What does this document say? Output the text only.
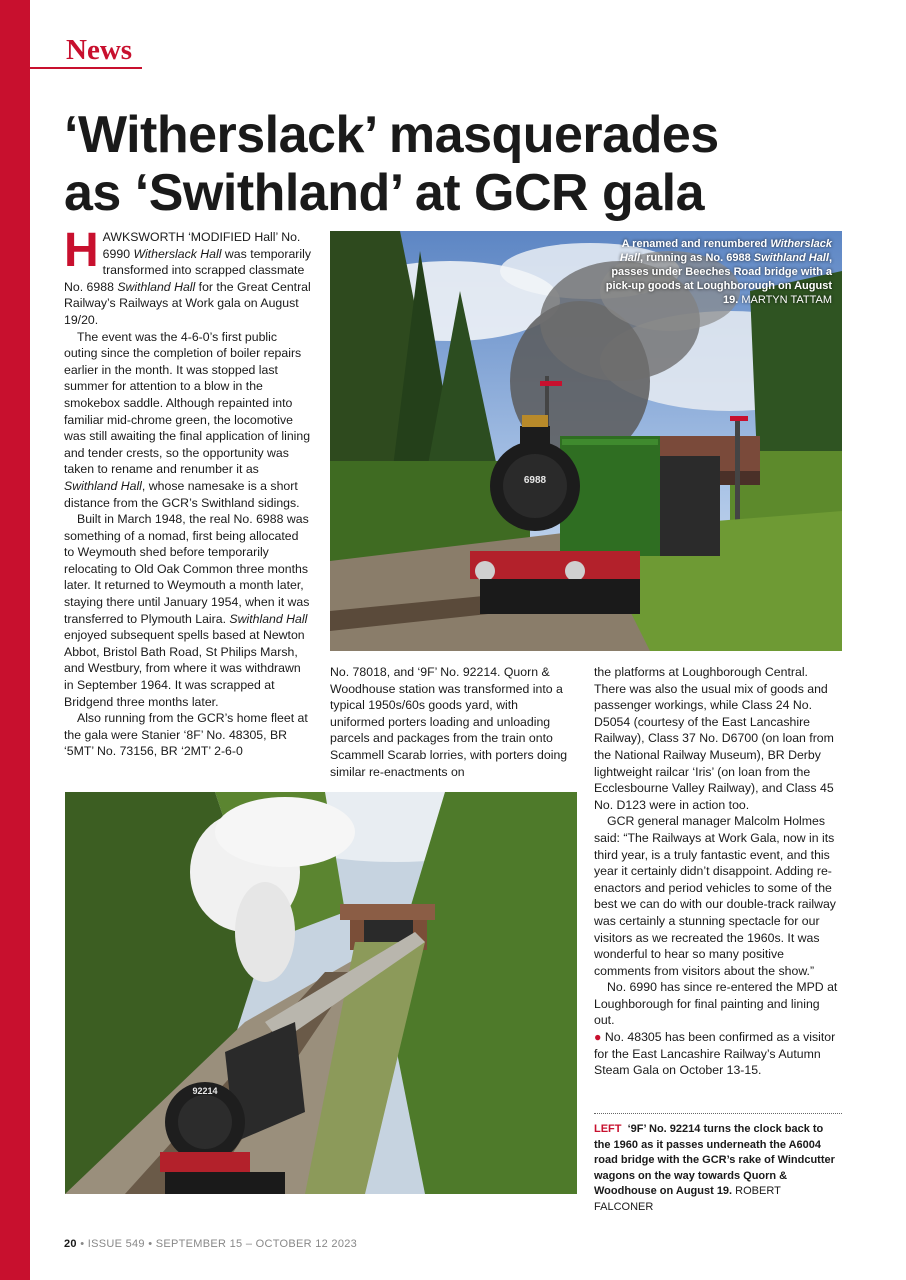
News
‘Witherslack’ masquerades
as ‘Swithland’ at GCR gala
H AWKSWORTH ‘MODIFIED Hall’ No. 6990 Witherslack Hall was temporarily transformed into scrapped classmate No. 6988 Swithland Hall for the Great Central Railway’s Railways at Work gala on August 19/20.

The event was the 4-6-0’s first public outing since the completion of boiler repairs earlier in the month. It was stopped last summer for attention to a blow in the smokebox saddle. Although repainted into familiar mid-chrome green, the locomotive was still awaiting the final application of lining and tender crests, so the opportunity was taken to rename and renumber it as Swithland Hall, whose namesake is a short distance from the GCR’s Swithland sidings.

Built in March 1948, the real No. 6988 was something of a nomad, first being allocated to Weymouth shed before temporarily relocating to Old Oak Common three months later. It returned to Weymouth a month later, staying there until January 1954, when it was transferred to Plymouth Laira. Swithland Hall enjoyed subsequent spells based at Newton Abbot, Bristol Bath Road, St Philips Marsh, and Westbury, from where it was withdrawn in September 1964. It was scrapped at Bridgend three months later.

Also running from the GCR’s home fleet at the gala were Stanier ‘8F’ No. 48305, BR ‘5MT’ No. 73156, BR ‘2MT’ 2-6-0

6988
A renamed and renumbered Witherslack Hall, running as No. 6988 Swithland Hall, passes under Beeches Road bridge with a pick-up goods at Loughborough on August 19. MARTYN TATTAM

No. 78018, and ‘9F’ No. 92214. Quorn & Woodhouse station was transformed into a typical 1950s/60s goods yard, with uniformed porters loading and unloading parcels and packages from the train onto Scammell Scarab lorries, with porters doing similar re-enactments on

the platforms at Loughborough Central. There was also the usual mix of goods and passenger workings, while Class 24 No. D5054 (courtesy of the East Lancashire Railway), Class 37 No. D6700 (on loan from the National Railway Museum), BR Derby lightweight railcar ‘Iris’ (on loan from the Ecclesbourne Valley Railway), and Class 45 No. D123 were in action too.

GCR general manager Malcolm Holmes said: “The Railways at Work Gala, now in its third year, is a truly fantastic event, and this year it certainly didn’t disappoint. Adding re-enactors and period vehicles to some of the best we can do with our double-track railway was certainly a stunning spectacle for our visitors as we recreated the 1960s. It was wonderful to hear so many positive comments from visitors about the show.”

No. 6990 has since re-entered the MPD at Loughborough for final painting and lining out.

● No. 48305 has been confirmed as a visitor for the East Lancashire Railway’s Autumn Steam Gala on October 13-15.

92214
LEFT ‘9F’ No. 92214 turns the clock back to the 1960 as it passes underneath the A6004 road bridge with the GCR’s rake of Windcutter wagons on the way towards Quorn & Woodhouse on August 19. ROBERT FALCONER
20 • ISSUE 549 • SEPTEMBER 15 – OCTOBER 12 2023
